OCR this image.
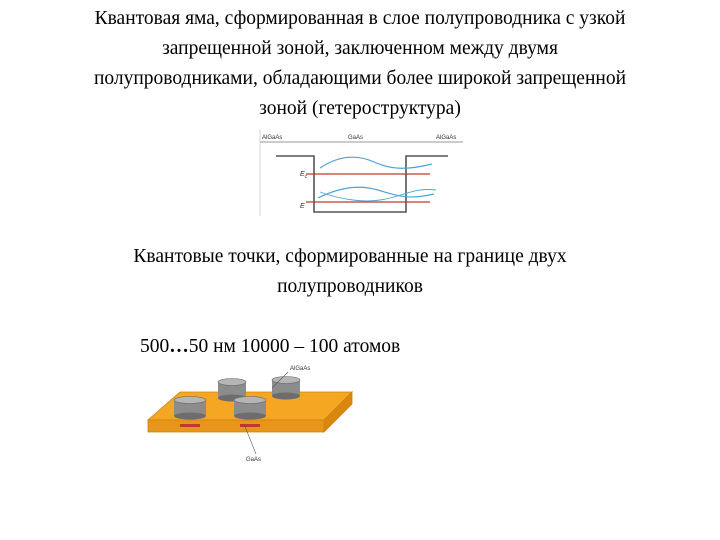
Квантовая яма, сформированная в слое полупроводника с узкой
запрещенной зоной, заключенном между двумя
полупроводниками, обладающими более широкой запрещенной
зоной (гетероструктура)
AlGaAs	GaAs	AlGaAs
$E_c$
E
Квантовые точки, сформированные на границе двух
полупроводников
500…50 нм 10000 – 100 атомов
AlGaAs
GaAs
